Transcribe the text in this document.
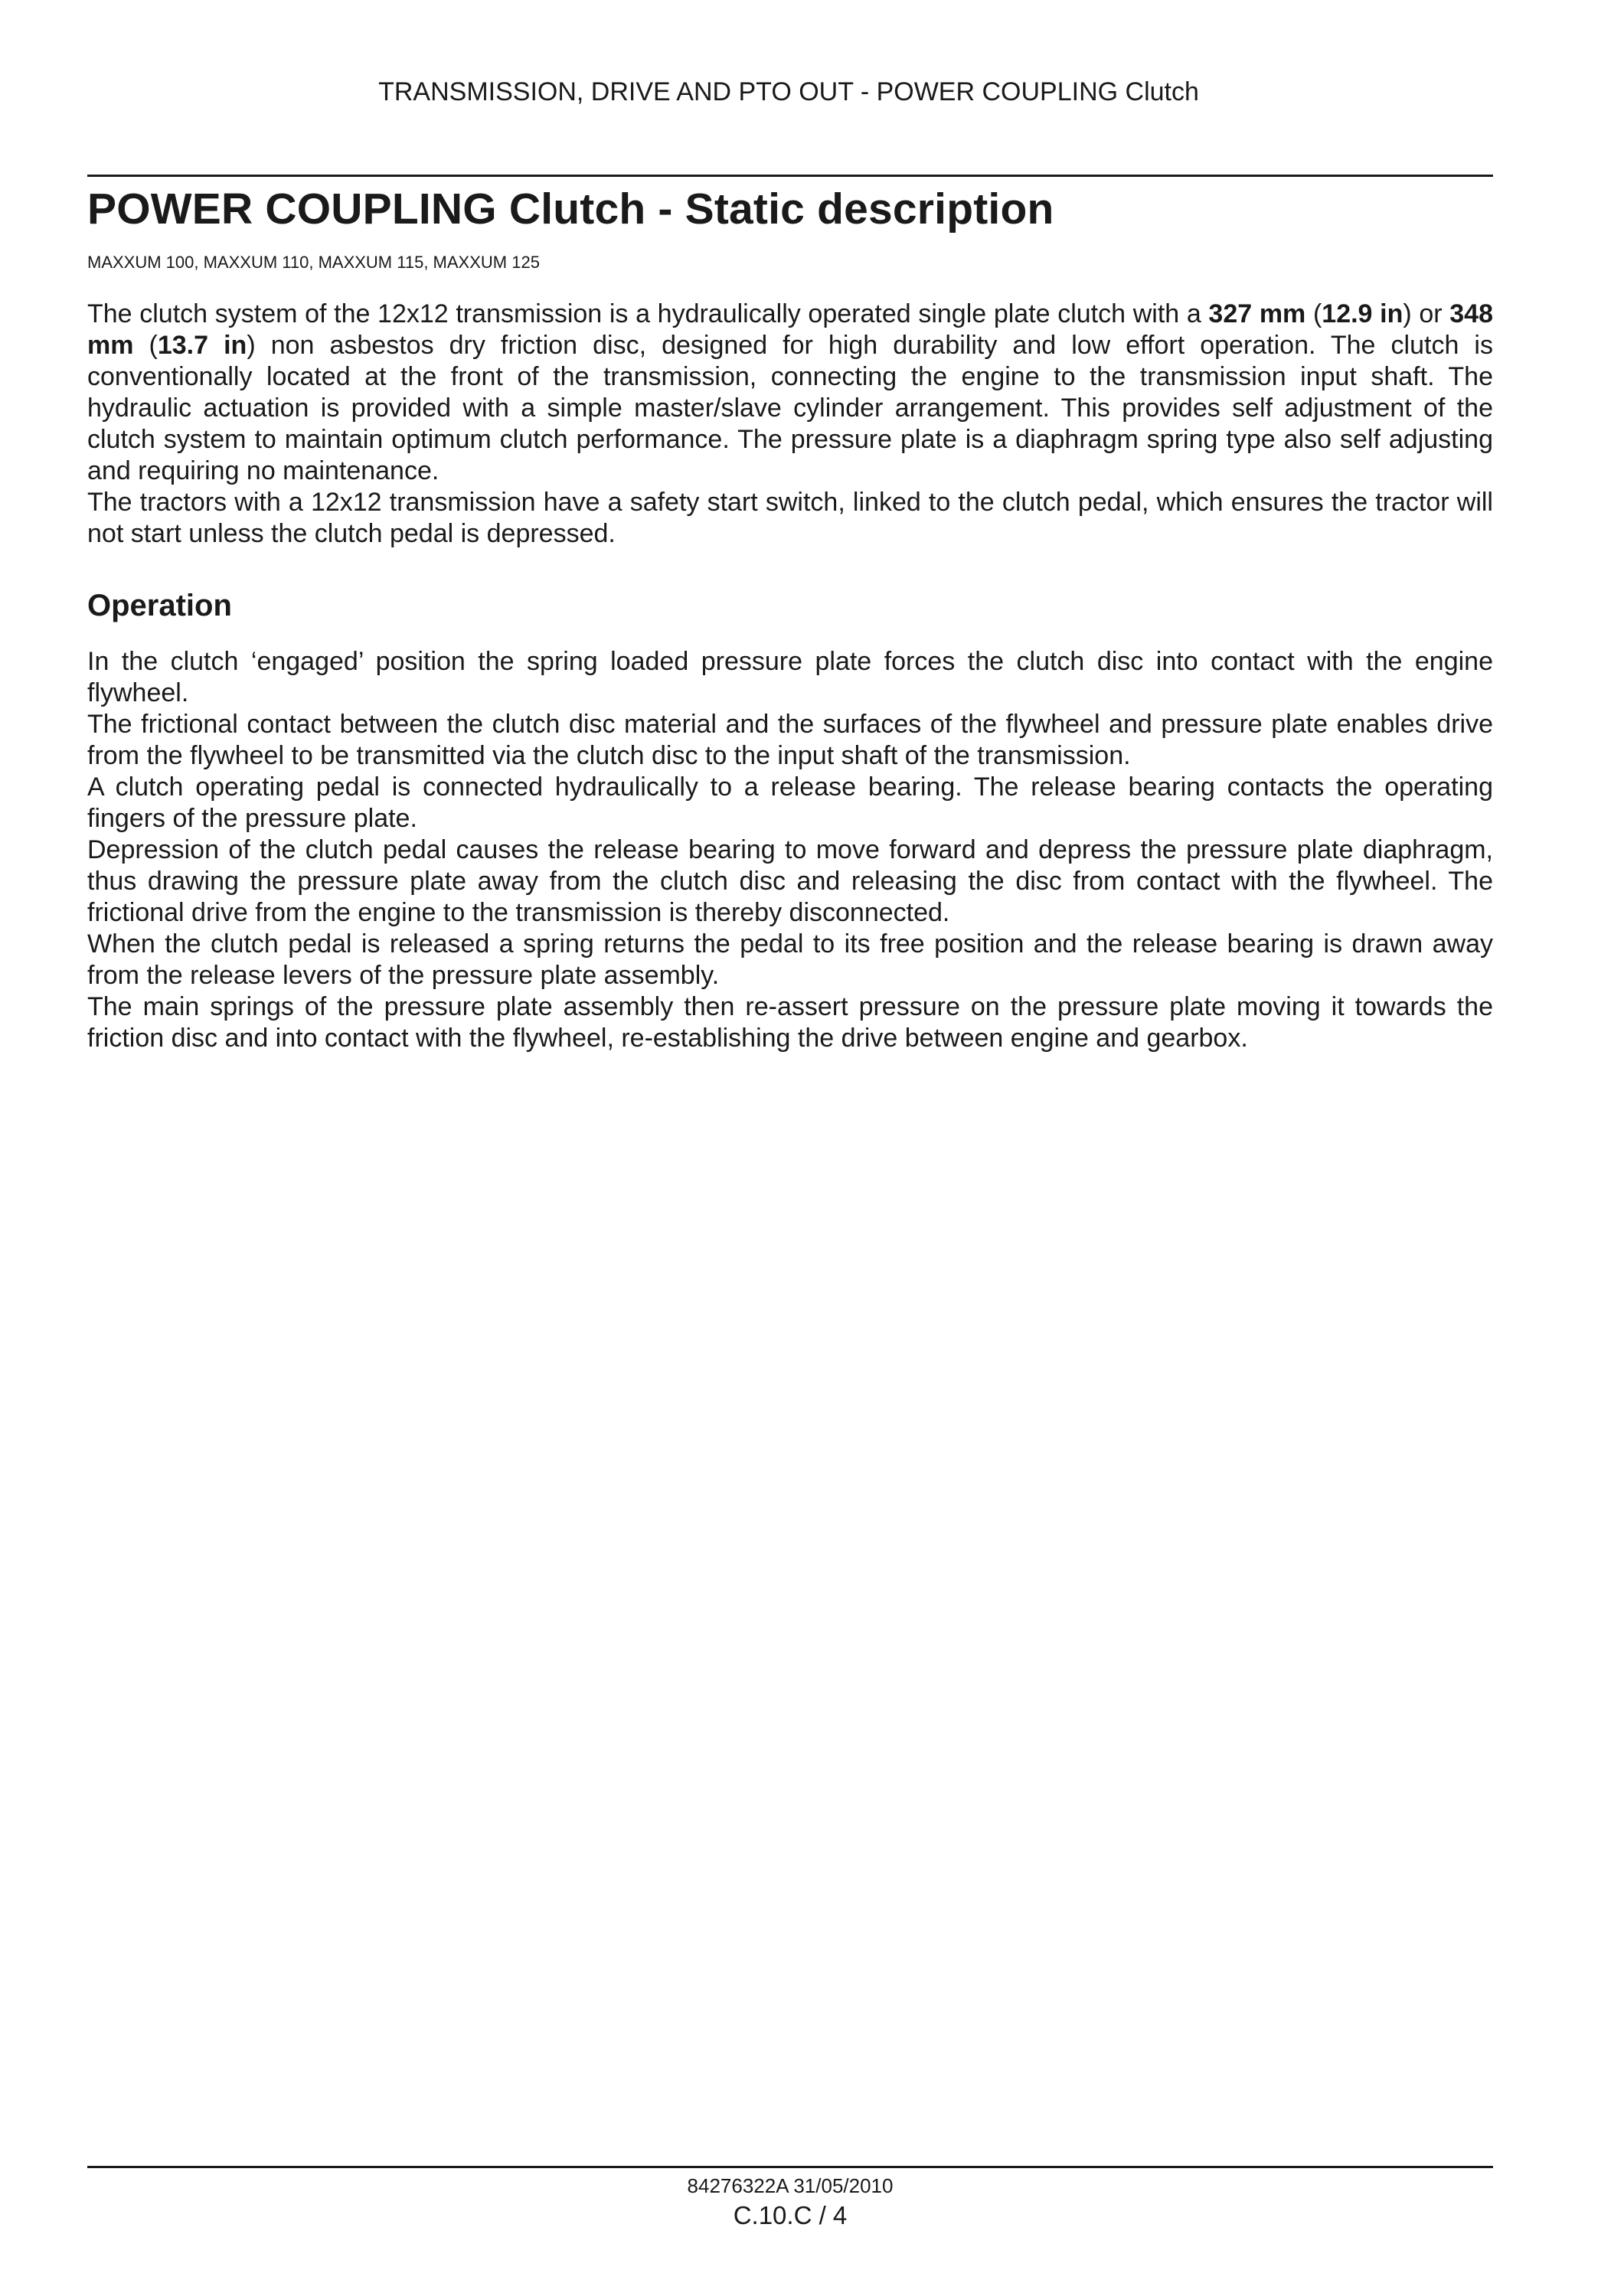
TRANSMISSION, DRIVE AND PTO OUT - POWER COUPLING Clutch
POWER COUPLING Clutch - Static description

MAXXUM 100, MAXXUM 110, MAXXUM 115, MAXXUM 125

The clutch system of the 12x12 transmission is a hydraulically operated single plate clutch with a 327 mm (12.9 in) or 348 mm (13.7 in) non asbestos dry friction disc, designed for high durability and low effort operation. The clutch is conventionally located at the front of the transmission, connecting the engine to the transmission input shaft. The hydraulic actuation is provided with a simple master/slave cylinder arrangement. This provides self adjustment of the clutch system to maintain optimum clutch performance. The pressure plate is a diaphragm spring type also self adjusting and requiring no maintenance.

The tractors with a 12x12 transmission have a safety start switch, linked to the clutch pedal, which ensures the tractor will not start unless the clutch pedal is depressed.

Operation

In the clutch ‘engaged’ position the spring loaded pressure plate forces the clutch disc into contact with the engine flywheel.

The frictional contact between the clutch disc material and the surfaces of the flywheel and pressure plate enables drive from the flywheel to be transmitted via the clutch disc to the input shaft of the transmission.

A clutch operating pedal is connected hydraulically to a release bearing. The release bearing contacts the operating fingers of the pressure plate.

Depression of the clutch pedal causes the release bearing to move forward and depress the pressure plate diaphragm, thus drawing the pressure plate away from the clutch disc and releasing the disc from contact with the flywheel. The frictional drive from the engine to the transmission is thereby disconnected.

When the clutch pedal is released a spring returns the pedal to its free position and the release bearing is drawn away from the release levers of the pressure plate assembly.

The main springs of the pressure plate assembly then re-assert pressure on the pressure plate moving it towards the friction disc and into contact with the flywheel, re-establishing the drive between engine and gearbox.

84276322A 31/05/2010
C.10.C / 4
